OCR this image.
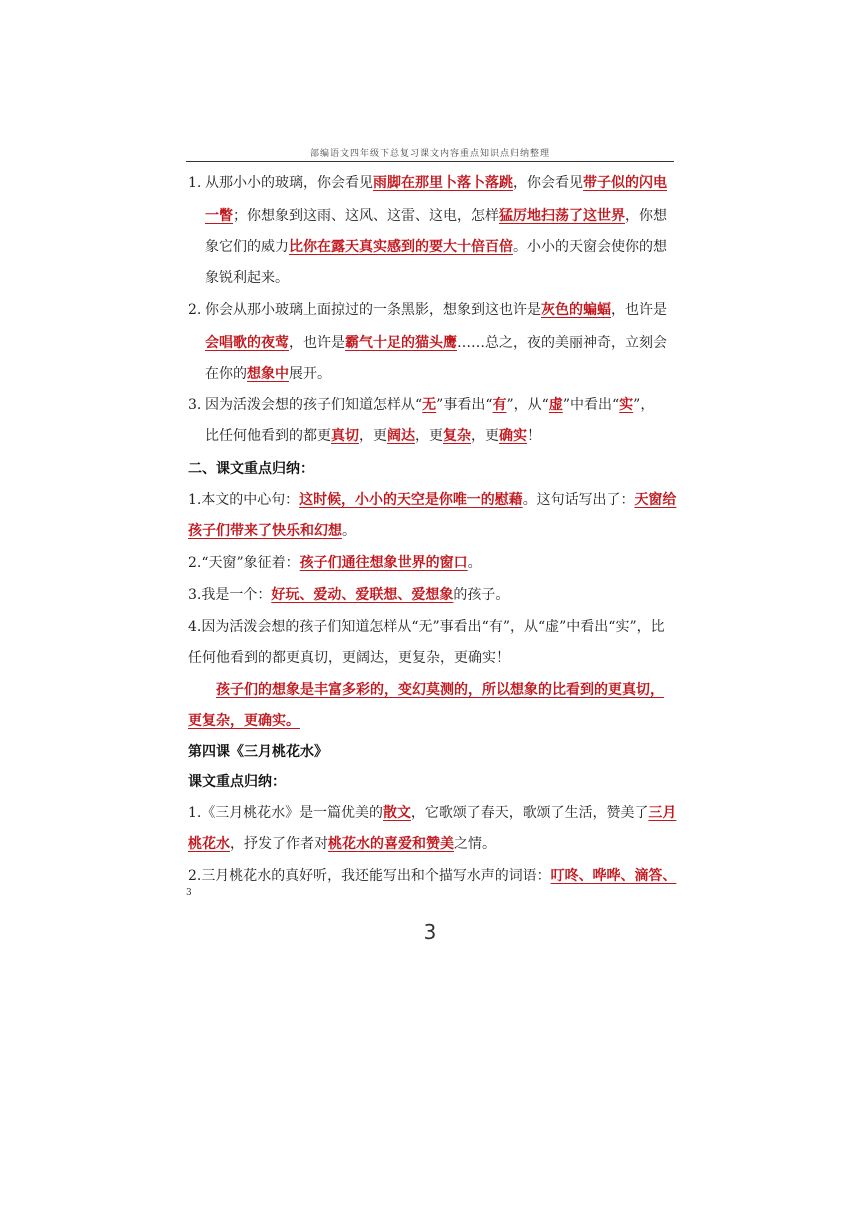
部编语文四年级下总复习课文内容重点知识点归纳整理
1. 从那小小的玻璃，你会看见雨脚在那里卜落卜落跳，你会看见带子似的闪电
一瞥；你想象到这雨、这风、这雷、这电，怎样猛厉地扫荡了这世界，你想
象它们的威力比你在露天真实感到的要大十倍百倍。小小的天窗会使你的想
象锐利起来。
2. 你会从那小玻璃上面掠过的一条黑影，想象到这也许是灰色的蝙蝠，也许是
会唱歌的夜莺，也许是霸气十足的猫头鹰……总之，夜的美丽神奇，立刻会
在你的想象中展开。
3. 因为活泼会想的孩子们知道怎样从“无”事看出“有”，从“虚”中看出“实”，
比任何他看到的都更真切，更阔达，更复杂，更确实！
二、课文重点归纳：
1.本文的中心句：这时候，小小的天空是你唯一的慰藉。这句话写出了：天窗给
孩子们带来了快乐和幻想。
2.“天窗”象征着：孩子们通往想象世界的窗口。
3.我是一个：好玩、爱动、爱联想、爱想象的孩子。
4.因为活泼会想的孩子们知道怎样从“无”事看出“有”，从“虚”中看出“实”，比
任何他看到的都更真切，更阔达，更复杂，更确实！
孩子们的想象是丰富多彩的，变幻莫测的，所以想象的比看到的更真切，
更复杂，更确实。
第四课《三月桃花水》
课文重点归纳：
1.《三月桃花水》是一篇优美的散文，它歌颂了春天，歌颂了生活，赞美了三月
桃花水，抒发了作者对桃花水的喜爱和赞美之情。
2.三月桃花水的真好听，我还能写出和个描写水声的词语：叮咚、哗哗、滴答、
3
3
